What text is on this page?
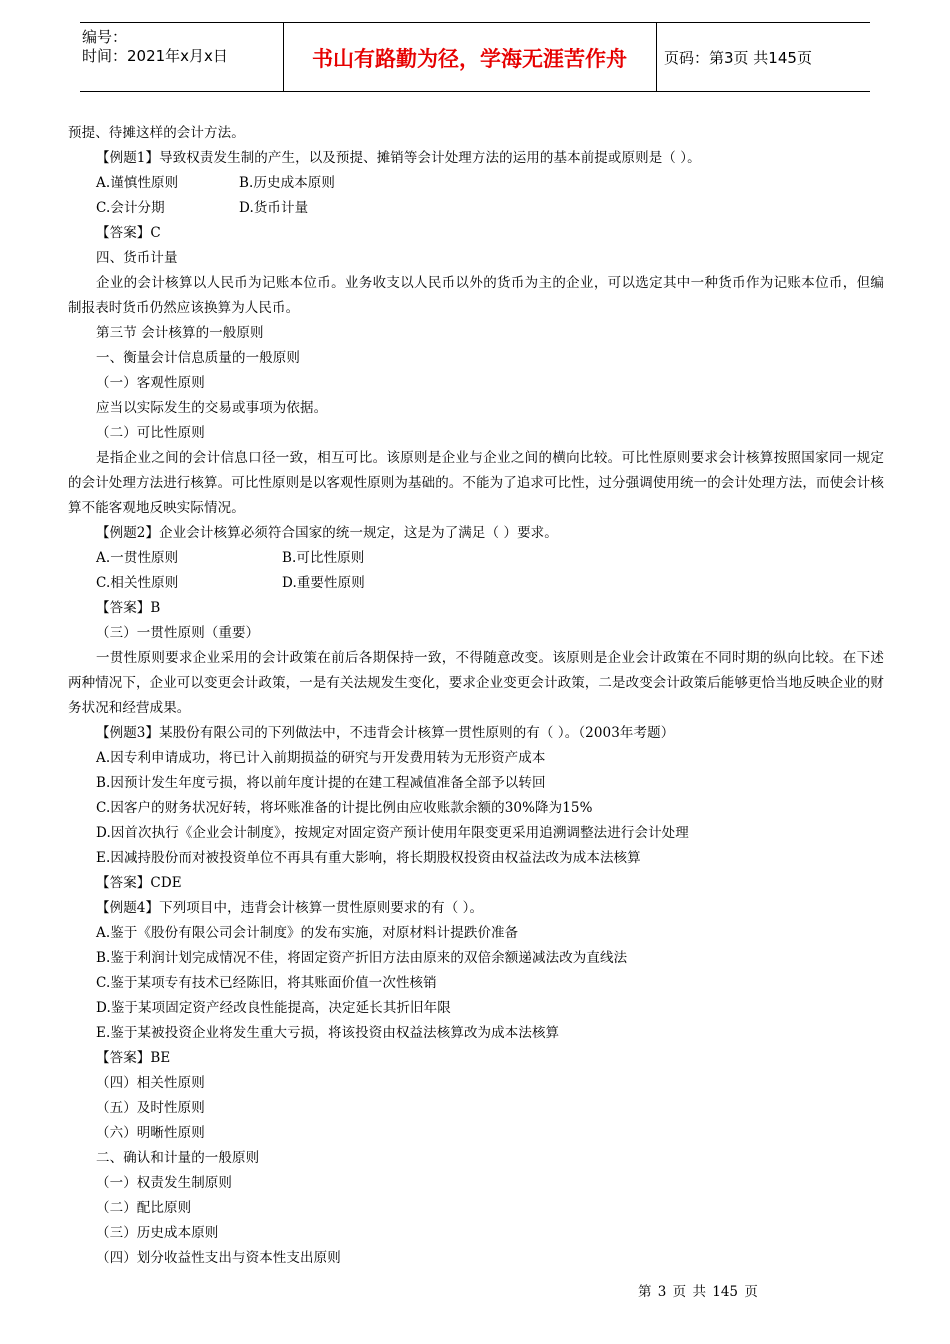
编号：
时间：2021年x月x日	书山有路勤为径，学海无涯苦作舟	页码：第3页 共145页
预提、待摊这样的会计方法。
【例题1】导致权责发生制的产生，以及预提、摊销等会计处理方法的运用的基本前提或原则是（ ）。
A.谨慎性原则	B.历史成本原则
C.会计分期	D.货币计量
【答案】C
四、货币计量
企业的会计核算以人民币为记账本位币。业务收支以人民币以外的货币为主的企业，可以选定其中一种货币作为记账本位币，但编制报表时货币仍然应该换算为人民币。
第三节 会计核算的一般原则
一、衡量会计信息质量的一般原则
（一）客观性原则
应当以实际发生的交易或事项为依据。
（二）可比性原则
是指企业之间的会计信息口径一致，相互可比。该原则是企业与企业之间的横向比较。可比性原则要求会计核算按照国家同一规定的会计处理方法进行核算。可比性原则是以客观性原则为基础的。不能为了追求可比性，过分强调使用统一的会计处理方法，而使会计核算不能客观地反映实际情况。
【例题2】企业会计核算必须符合国家的统一规定，这是为了满足（ ）要求。
A.一贯性原则	B.可比性原则
C.相关性原则	D.重要性原则
【答案】B
（三）一贯性原则（重要）
一贯性原则要求企业采用的会计政策在前后各期保持一致，不得随意改变。该原则是企业会计政策在不同时期的纵向比较。在下述两种情况下，企业可以变更会计政策，一是有关法规发生变化，要求企业变更会计政策，二是改变会计政策后能够更恰当地反映企业的财务状况和经营成果。
【例题3】某股份有限公司的下列做法中，不违背会计核算一贯性原则的有（ ）。（2003年考题）
A.因专利申请成功，将已计入前期损益的研究与开发费用转为无形资产成本
B.因预计发生年度亏损，将以前年度计提的在建工程减值准备全部予以转回
C.因客户的财务状况好转，将坏账准备的计提比例由应收账款余额的30%降为15%
D.因首次执行《企业会计制度》，按规定对固定资产预计使用年限变更采用追溯调整法进行会计处理
E.因减持股份而对被投资单位不再具有重大影响，将长期股权投资由权益法改为成本法核算
【答案】CDE
【例题4】下列项目中，违背会计核算一贯性原则要求的有（ ）。
A.鉴于《股份有限公司会计制度》的发布实施，对原材料计提跌价准备
B.鉴于利润计划完成情况不佳，将固定资产折旧方法由原来的双倍余额递减法改为直线法
C.鉴于某项专有技术已经陈旧，将其账面价值一次性核销
D.鉴于某项固定资产经改良性能提高，决定延长其折旧年限
E.鉴于某被投资企业将发生重大亏损，将该投资由权益法核算改为成本法核算
【答案】BE
（四）相关性原则
（五）及时性原则
（六）明晰性原则
二、确认和计量的一般原则
（一）权责发生制原则
（二）配比原则
（三）历史成本原则
（四）划分收益性支出与资本性支出原则
第 3 页 共 145 页
